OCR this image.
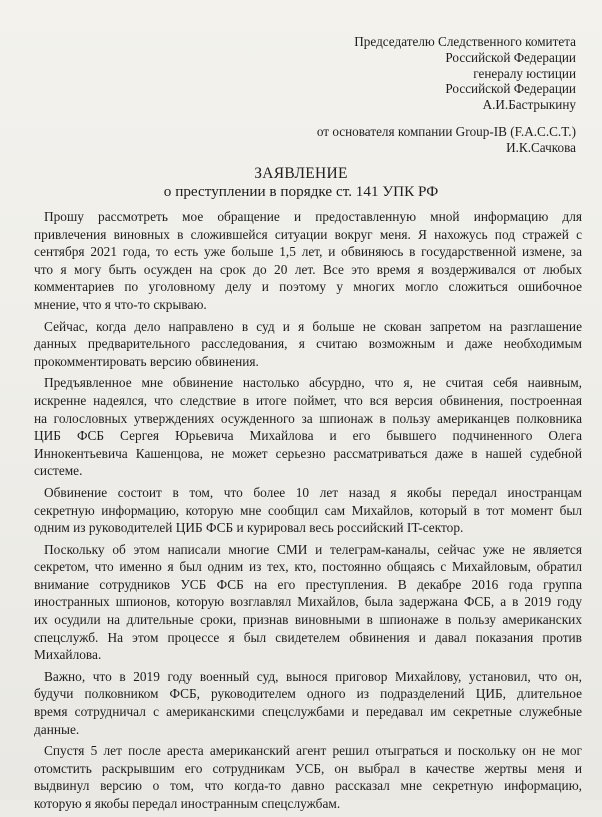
Председателю Следственного комитета
Российской Федерации
генералу юстиции
Российской Федерации
А.И.Бастрыкину
от основателя компании Group-IB (F.A.C.C.T.)
И.К.Сачкова
ЗАЯВЛЕНИЕ
о преступлении в порядке ст. 141 УПК РФ
Прошу рассмотреть мое обращение и предоставленную мной информацию для
привлечения виновных в сложившейся ситуации вокруг меня. Я нахожусь под стражей с
сентября 2021 года, то есть уже больше 1,5 лет, и обвиняюсь в государственной измене, за
что я могу быть осужден на срок до 20 лет. Все это время я воздерживался от любых
комментариев по уголовному делу и поэтому у многих могло сложиться ошибочное
мнение, что я что-то скрываю.
Сейчас, когда дело направлено в суд и я больше не скован запретом на разглашение
данных предварительного расследования, я считаю возможным и даже необходимым
прокомментировать версию обвинения.
Предъявленное мне обвинение настолько абсурдно, что я, не считая себя наивным,
искренне надеялся, что следствие в итоге поймет, что вся версия обвинения, построенная
на голословных утверждениях осужденного за шпионаж в пользу американцев полковника
ЦИБ ФСБ Сергея Юрьевича Михайлова и его бывшего подчиненного Олега
Иннокентьевича Кашенцова, не может серьезно рассматриваться даже в нашей судебной
системе.
Обвинение состоит в том, что более 10 лет назад я якобы передал иностранцам
секретную информацию, которую мне сообщил сам Михайлов, который в тот момент был
одним из руководителей ЦИБ ФСБ и курировал весь российский IT-сектор.
Поскольку об этом написали многие СМИ и телеграм-каналы, сейчас уже не является
секретом, что именно я был одним из тех, кто, постоянно общаясь с Михайловым, обратил
внимание сотрудников УСБ ФСБ на его преступления. В декабре 2016 года группа
иностранных шпионов, которую возглавлял Михайлов, была задержана ФСБ, а в 2019 году
их осудили на длительные сроки, признав виновными в шпионаже в пользу американских
спецслужб. На этом процессе я был свидетелем обвинения и давал показания против
Михайлова.
Важно, что в 2019 году военный суд, вынося приговор Михайлову, установил, что он,
будучи полковником ФСБ, руководителем одного из подразделений ЦИБ, длительное
время сотрудничал с американскими спецслужбами и передавал им секретные служебные
данные.
Спустя 5 лет после ареста американский агент решил отыграться и поскольку он не мог
отомстить раскрывшим его сотрудникам УСБ, он выбрал в качестве жертвы меня и
выдвинул версию о том, что когда-то давно рассказал мне секретную информацию,
которую я якобы передал иностранным спецслужбам.
